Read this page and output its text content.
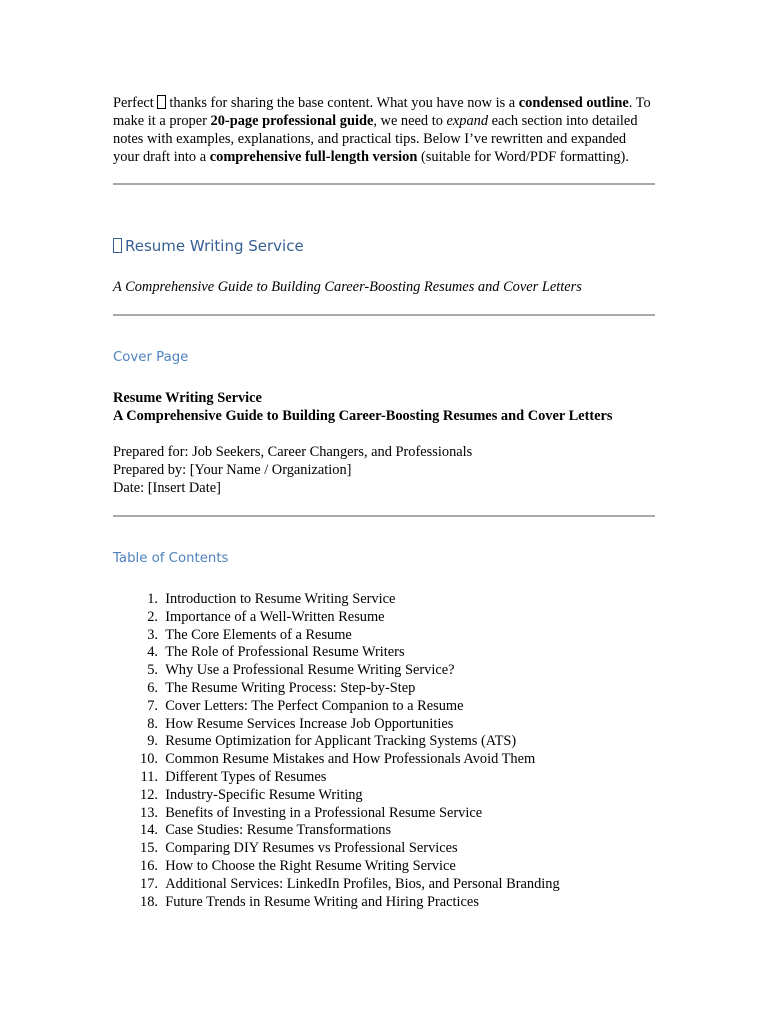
Perfect thanks for sharing the base content. What you have now is a condensed outline. To make it a proper 20-page professional guide, we need to expand each section into detailed notes with examples, explanations, and practical tips. Below I’ve rewritten and expanded your draft into a comprehensive full-length version (suitable for Word/PDF formatting).

Resume Writing Service

A Comprehensive Guide to Building Career-Boosting Resumes and Cover Letters

Cover Page
Resume Writing Service
A Comprehensive Guide to Building Career-Boosting Resumes and Cover Letters
Prepared for: Job Seekers, Career Changers, and Professionals
Prepared by: [Your Name / Organization]
Date: [Insert Date]
Table of Contents
1.
Introduction to Resume Writing Service
2.
Importance of a Well-Written Resume
3.
The Core Elements of a Resume
4.
The Role of Professional Resume Writers
5.
Why Use a Professional Resume Writing Service?
6.
The Resume Writing Process: Step-by-Step
7.
Cover Letters: The Perfect Companion to a Resume
8.
How Resume Services Increase Job Opportunities
9.
Resume Optimization for Applicant Tracking Systems (ATS)
10.
Common Resume Mistakes and How Professionals Avoid Them
11.
Different Types of Resumes
12.
Industry-Specific Resume Writing
13.
Benefits of Investing in a Professional Resume Service
14.
Case Studies: Resume Transformations
15.
Comparing DIY Resumes vs Professional Services
16.
How to Choose the Right Resume Writing Service
17.
Additional Services: LinkedIn Profiles, Bios, and Personal Branding
18.
Future Trends in Resume Writing and Hiring Practices
